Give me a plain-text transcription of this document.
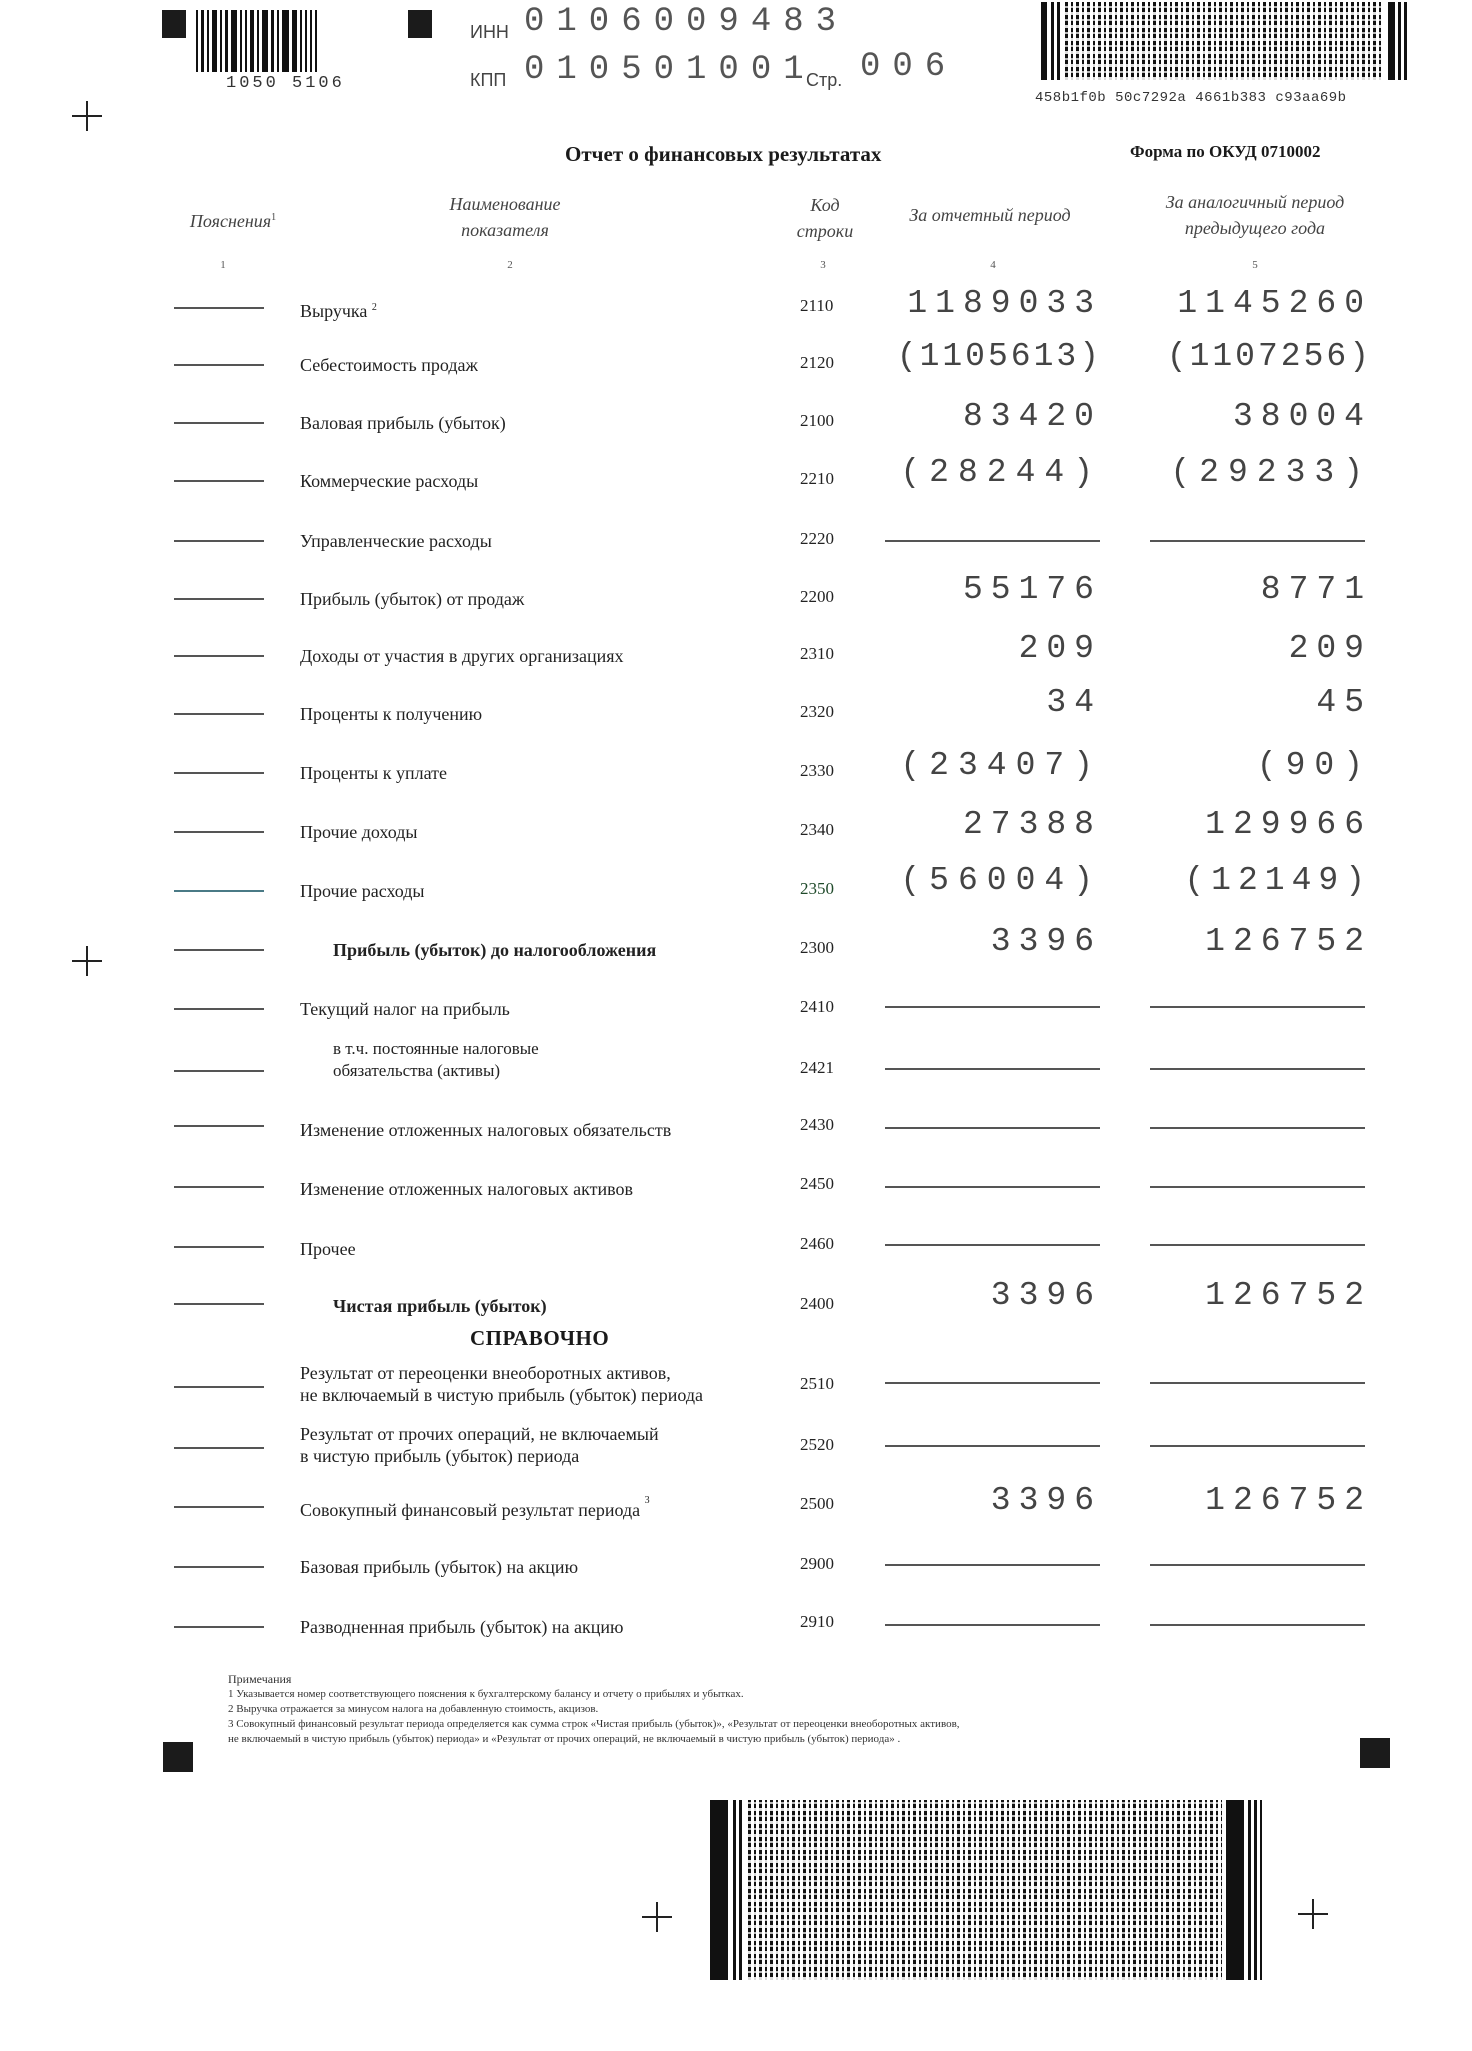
1050 5106
ИНН 0106009483
КПП 010501001
Стр. 006
458b1f0b 50c7292a 4661b383 c93aa69b
Отчет о финансовых результатах	Форма по ОКУД 0710002
Пояснения$^1$
Наименование
показателя
Код
строки
За отчетный период
За аналогичный период
предыдущего года
1	2	3	4	5
Выручка $^2$	2110 1189033 1145260
Себестоимость продаж	2120 (1105613) (1107256)
Валовая прибыль (убыток)	2100	83420	38004
Коммерческие расходы	2210 (28244) (29233)
Управленческие расходы	2220
Прибыль (убыток) от продаж	2200	55176	8771
Доходы от участия в других организациях	2310	209	209
Проценты к получению	2320	34	45
Проценты к уплате	2330 (23407)	(90)
Прочие доходы	2340	27388	129966
Прочие расходы	2350 (56004) (12149)
Прибыль (убыток) до налогообложения	2300	3396	126752
Текущий налог на прибыль	2410
в т.ч. постоянные налоговые
обязательства (активы)	2421
Изменение отложенных налоговых обязательств	2430
Изменение отложенных налоговых активов	2450
Прочее	2460
Чистая прибыль (убыток)	2400	3396	126752
СПРАВОЧНО
Результат от переоценки внеоборотных активов,
не включаемый в чистую прибыль (убыток) периода
2510
Результат от прочих операций, не включаемый
в чистую прибыль (убыток) периода
2520
Совокупный финансовый результат периода $^3$	2500	3396	126752
Базовая прибыль (убыток) на акцию	2900
Разводненная прибыль (убыток) на акцию	2910
Примечания
1 Указывается номер соответствующего пояснения к бухгалтерскому балансу и отчету о прибылях и убытках.
2 Выручка отражается за минусом налога на добавленную стоимость, акцизов.
3 Совокупный финансовый результат периода определяется как сумма строк «Чистая прибыль (убыток)», «Результат от переоценки внеоборотных активов,
не включаемый в чистую прибыль (убыток) периода» и «Результат от прочих операций, не включаемый в чистую прибыль (убыток) периода» .
